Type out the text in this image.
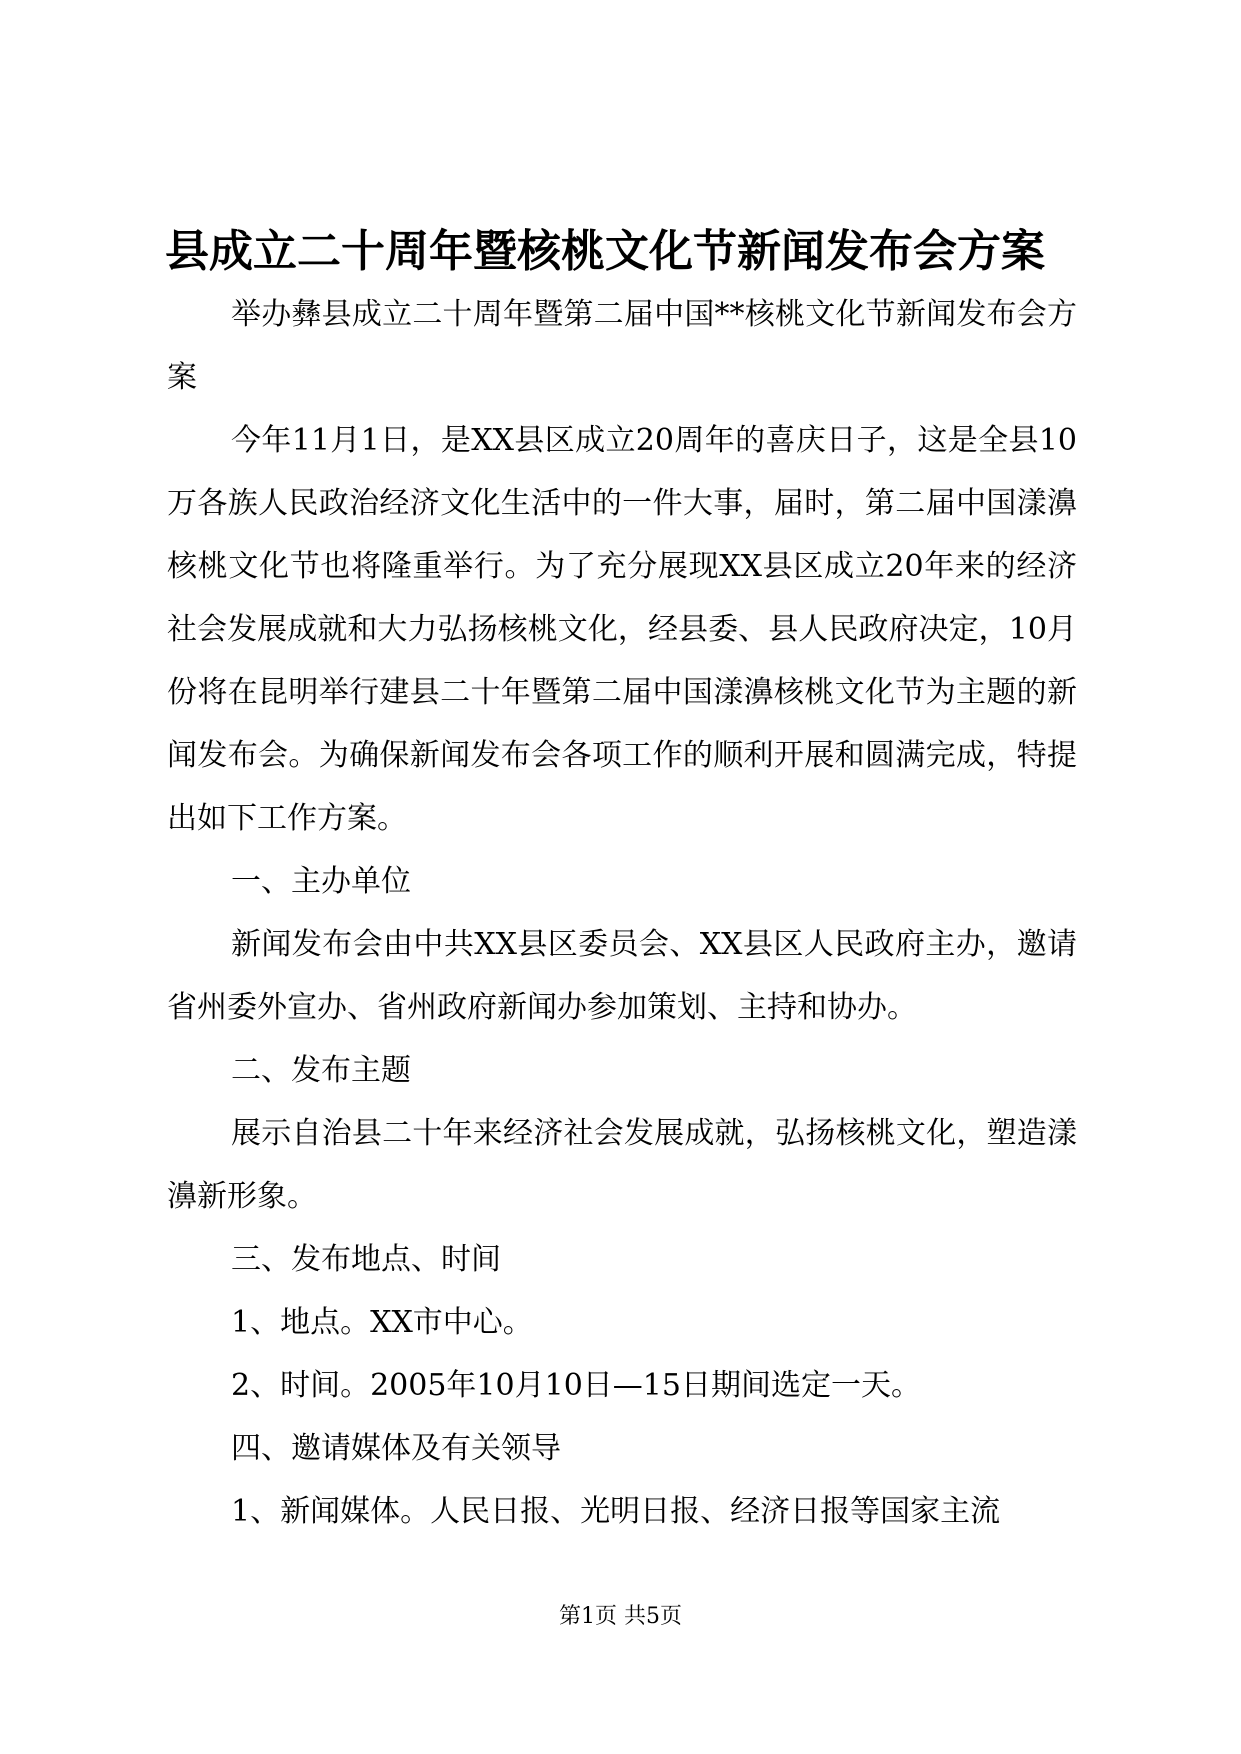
县成立二十周年暨核桃文化节新闻发布会方案

举办彝县成立二十周年暨第二届中国**核桃文化节新闻发布会方案

今年11月1日，是XX县区成立20周年的喜庆日子，这是全县10万各族人民政治经济文化生活中的一件大事，届时，第二届中国漾濞核桃文化节也将隆重举行。为了充分展现XX县区成立20年来的经济社会发展成就和大力弘扬核桃文化，经县委、县人民政府决定，10月份将在昆明举行建县二十年暨第二届中国漾濞核桃文化节为主题的新闻发布会。为确保新闻发布会各项工作的顺利开展和圆满完成，特提出如下工作方案。

一、主办单位

新闻发布会由中共XX县区委员会、XX县区人民政府主办，邀请省州委外宣办、省州政府新闻办参加策划、主持和协办。

二、发布主题

展示自治县二十年来经济社会发展成就，弘扬核桃文化，塑造漾濞新形象。

三、发布地点、时间

1、地点。XX市中心。

2、时间。2005年10月10日—15日期间选定一天。

四、邀请媒体及有关领导

1、新闻媒体。人民日报、光明日报、经济日报等国家主流

第1页 共5页
